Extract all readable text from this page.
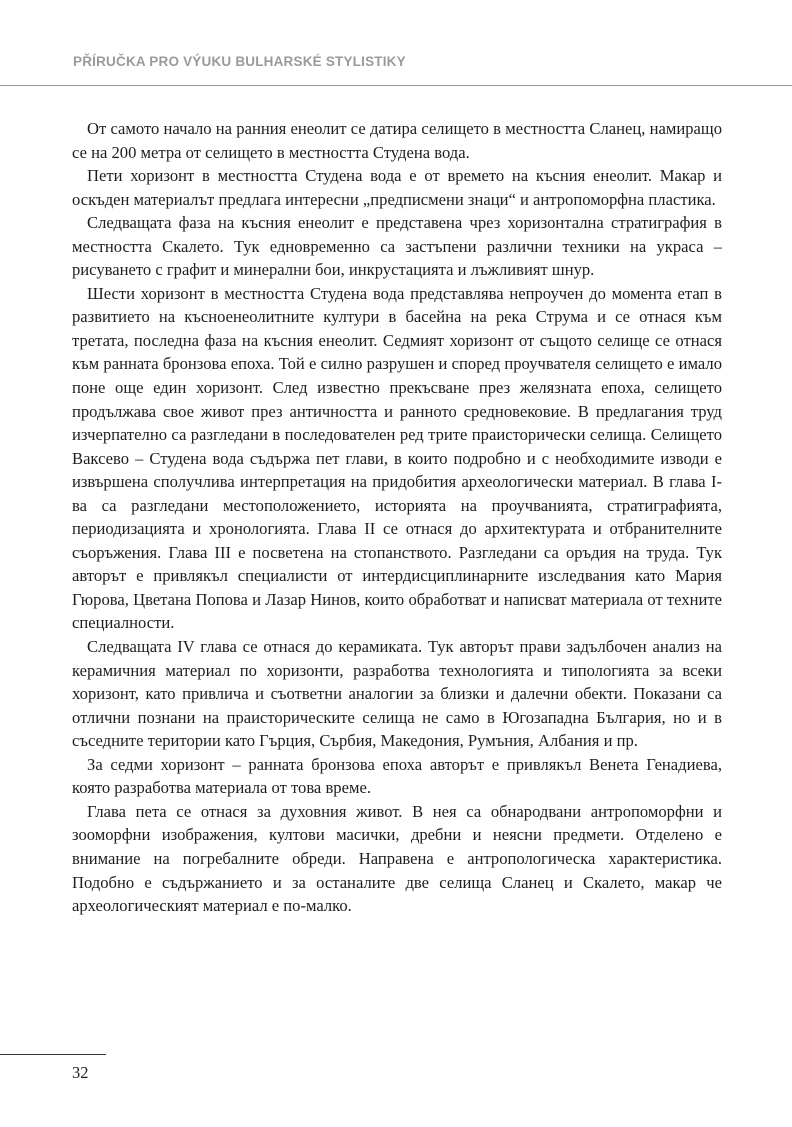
PŘÍRUČKA PRO VÝUKU BULHARSKÉ STYLISTIKY

От самото начало на ранния енеолит се датира селището в местността Сланец, намиращо се на 200 метра от селището в местността Студена вода.

Пети хоризонт в местността Студена вода е от времето на късния енеолит. Макар и оскъден материалът предлага интересни „предписмени знаци“ и антропоморфна пластика.

Следващата фаза на късния енеолит е представена чрез хоризонтална стратиграфия в местността Скалето. Тук едновременно са застъпени различни техники на украса – рисуването с графит и минерални бои, инкрустацията и лъжливият шнур.

Шести хоризонт в местността Студена вода представлява непроучен до момента етап в развитието на късноенеолитните култури в басейна на река Струма и се отнася към третата, последна фаза на късния енеолит. Седмият хоризонт от същото селище се отнася към ранната бронзова епоха. Той е силно разрушен и според проучвателя селището е имало поне още един хоризонт. След известно прекъсване през желязната епоха, селището продължава свое живот през античността и ранното средновековие. В предлагания труд изчерпателно са разгледани в последователен ред трите праисторически селища. Селището Ваксево – Студена вода съдържа пет глави, в които подробно и с необходимите изводи е извършена сполучлива интерпретация на придобития археологически материал. В глава I-ва са разгледани местоположението, историята на проучванията, стратиграфията, периодизацията и хронологията. Глава II се отнася до архитектурата и отбранителните съоръжения. Глава III е посветена на стопанството. Разгледани са оръдия на труда. Тук авторът е привлякъл специалисти от интердисциплинарните изследвания като Мария Гюрова, Цветана Попова и Лазар Нинов, които обработват и написват материала от техните специалности.

Следващата IV глава се отнася до керамиката. Тук авторът прави задълбочен анализ на керамичния материал по хоризонти, разработва технологията и типологията за всеки хоризонт, като привлича и съответни аналогии за близки и далечни обекти. Показани са отлични познани на праисторическите селища не само в Югозападна България, но и в съседните територии като Гърция, Сърбия, Македония, Румъния, Албания и пр.

За седми хоризонт – ранната бронзова епоха авторът е привлякъл Венета Генадиева, която разработва материала от това време.

Глава пета се отнася за духовния живот. В нея са обнародвани антропоморфни и зооморфни изображения, култови масички, дребни и неясни предмети. Отделено е внимание на погребалните обреди. Направена е антропологическа характеристика. Подобно е съдържанието и за останалите две селища Сланец и Скалето, макар че археологическият материал е по-малко.

32
